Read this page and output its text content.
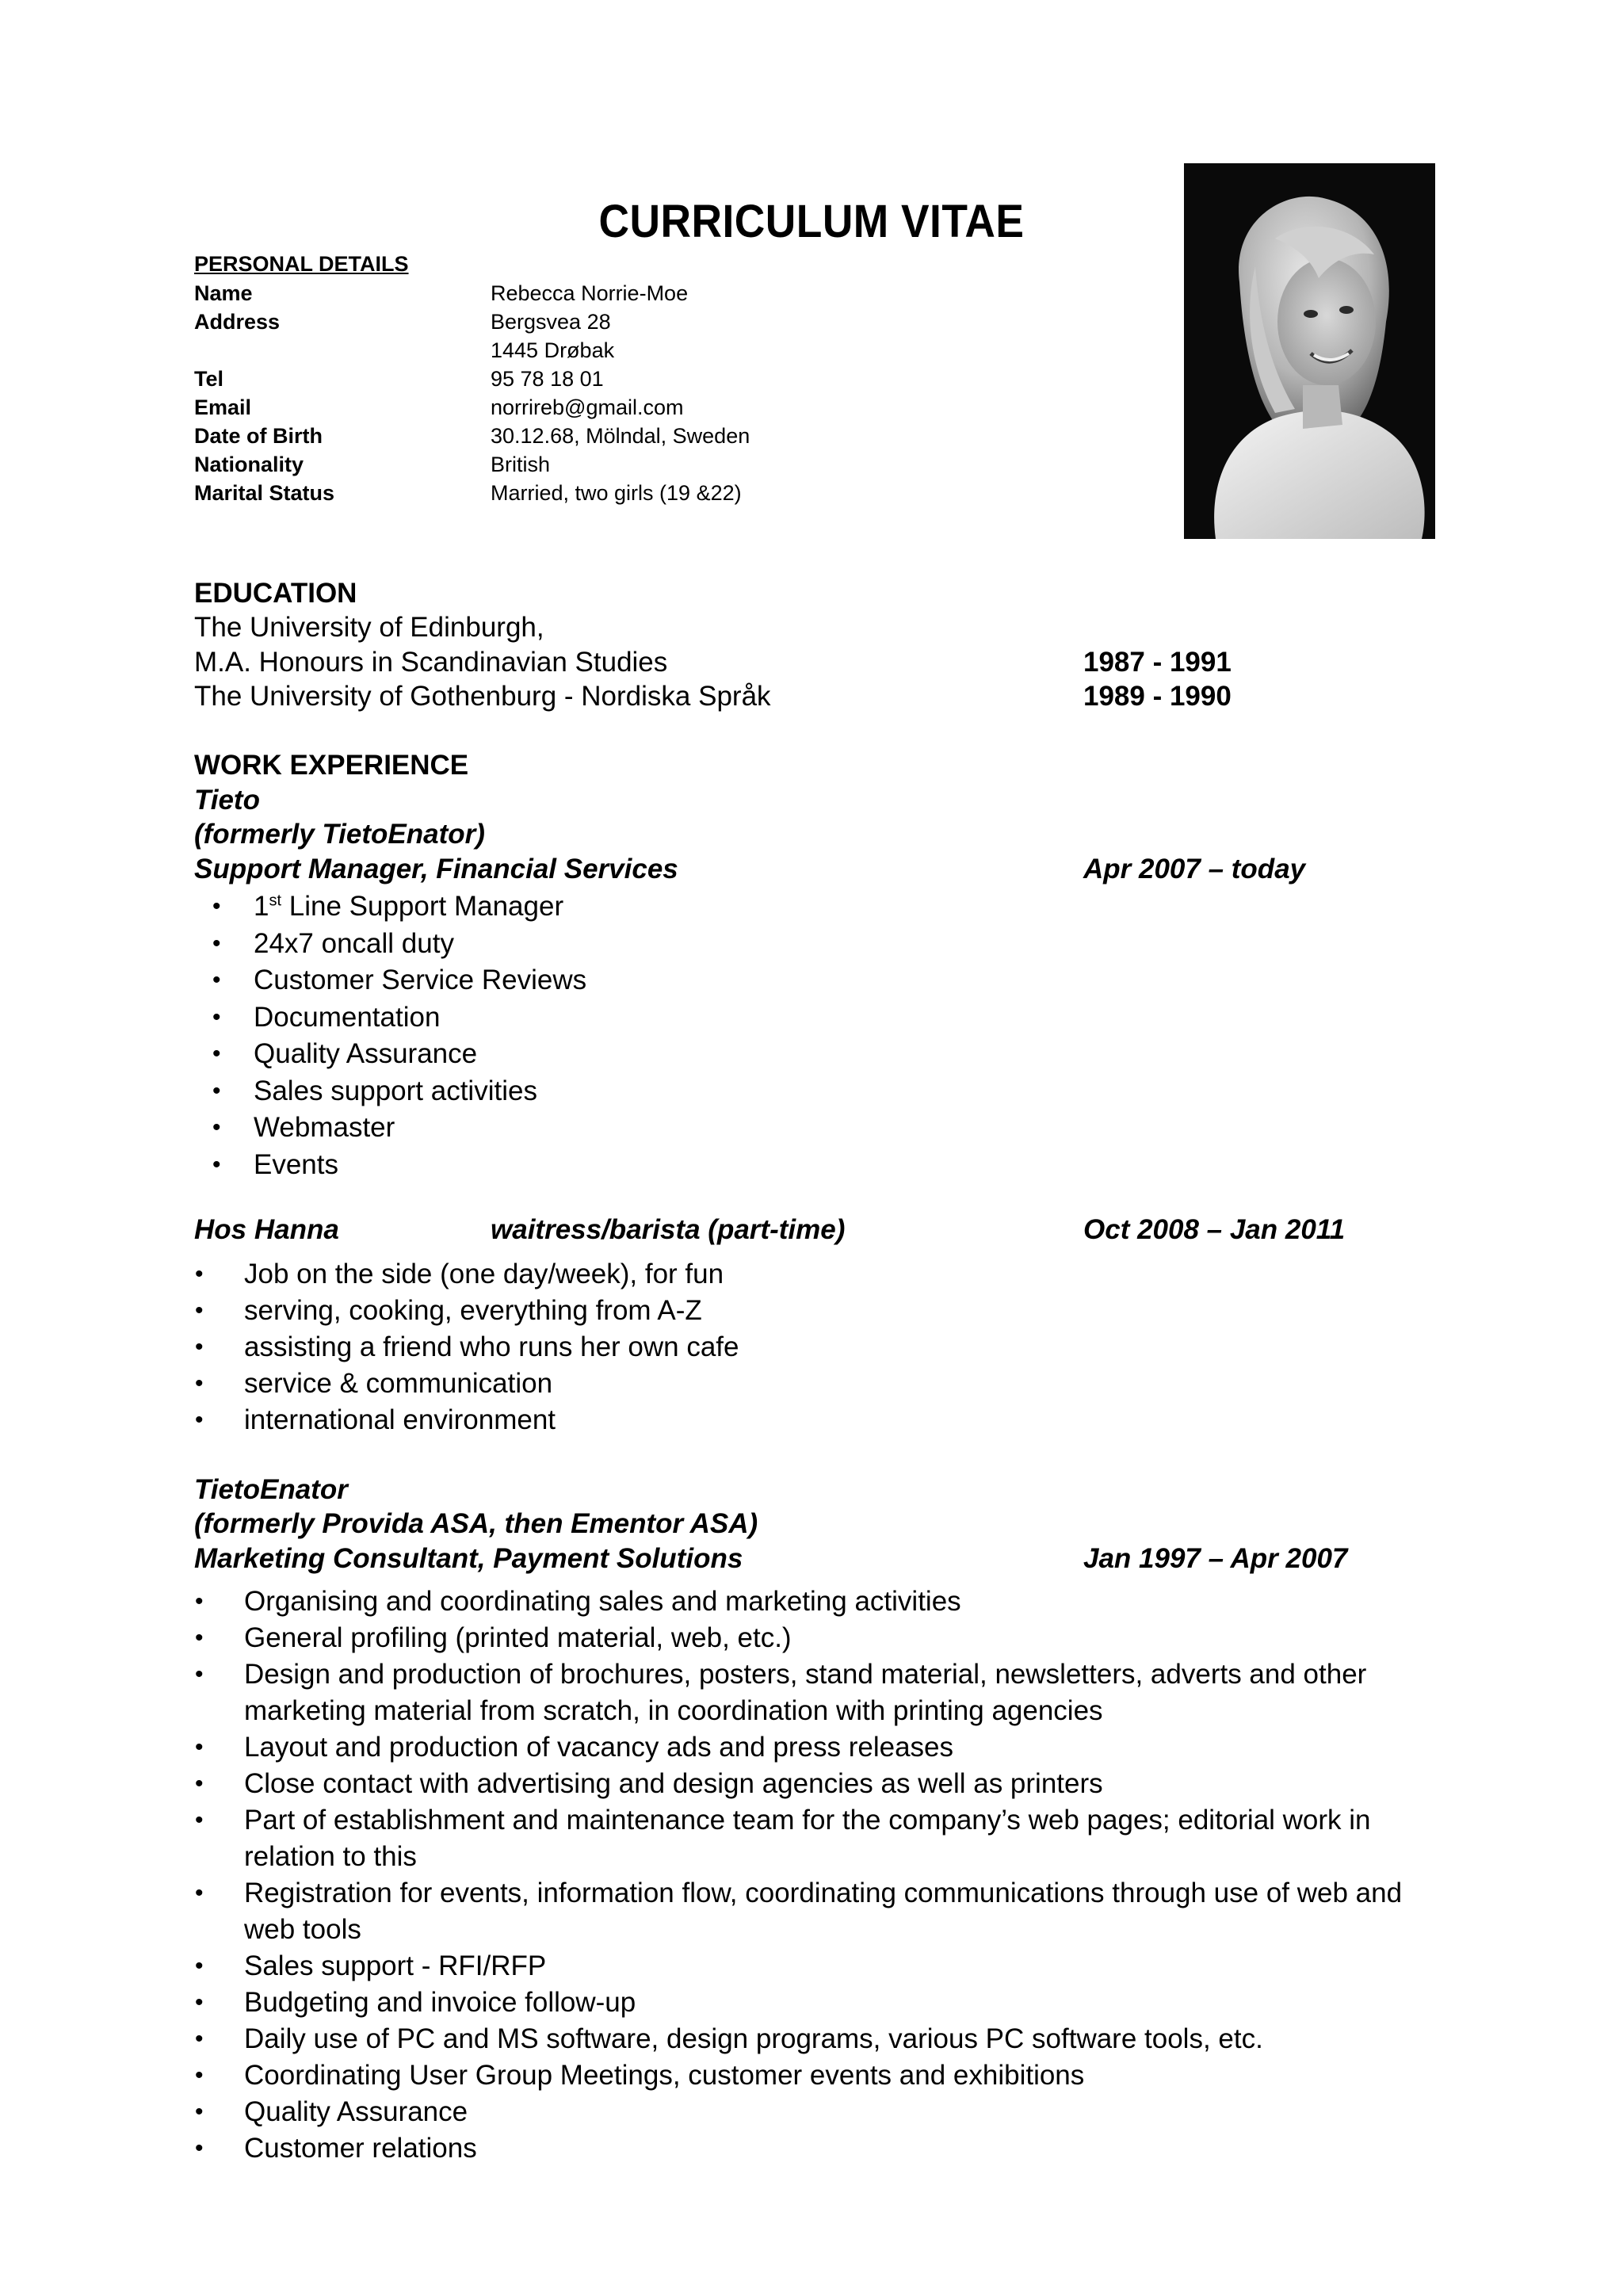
CURRICULUM VITAE
PERSONAL DETAILS
Name	Rebecca Norrie-Moe
Address	Bergsvea 28
1445 Drøbak
Tel	95 78 18 01
Email	norrireb@gmail.com
Date of Birth	30.12.68, Mölndal, Sweden
Nationality	British
Marital Status	Married, two girls (19 &22)
EDUCATION
The University of Edinburgh,
M.A. Honours in Scandinavian Studies	1987 - 1991
The University of Gothenburg - Nordiska Språk	1989 - 1990
WORK EXPERIENCE
Tieto
(formerly TietoEnator)
Support Manager, Financial Services	Apr 2007 – today
• 1st Line Support Manager
• 24x7 oncall duty
• Customer Service Reviews
• Documentation
• Quality Assurance
• Sales support activities
• Webmaster
• Events
Hos Hanna	waitress/barista (part-time)	Oct 2008 – Jan 2011
• Job on the side (one day/week), for fun
• serving, cooking, everything from A-Z
• assisting a friend who runs her own cafe
• service & communication
• international environment
TietoEnator
(formerly Provida ASA, then Ementor ASA)
Marketing Consultant, Payment Solutions	Jan 1997 – Apr 2007
• Organising and coordinating sales and marketing activities
• General profiling (printed material, web, etc.)
• Design and production of brochures, posters, stand material, newsletters, adverts and other marketing material from scratch, in coordination with printing agencies
• Layout and production of vacancy ads and press releases
• Close contact with advertising and design agencies as well as printers
• Part of establishment and maintenance team for the company’s web pages; editorial work in relation to this
• Registration for events, information flow, coordinating communications through use of web and web tools
• Sales support - RFI/RFP
• Budgeting and invoice follow-up
• Daily use of PC and MS software, design programs, various PC software tools, etc.
• Coordinating User Group Meetings, customer events and exhibitions
• Quality Assurance
• Customer relations
